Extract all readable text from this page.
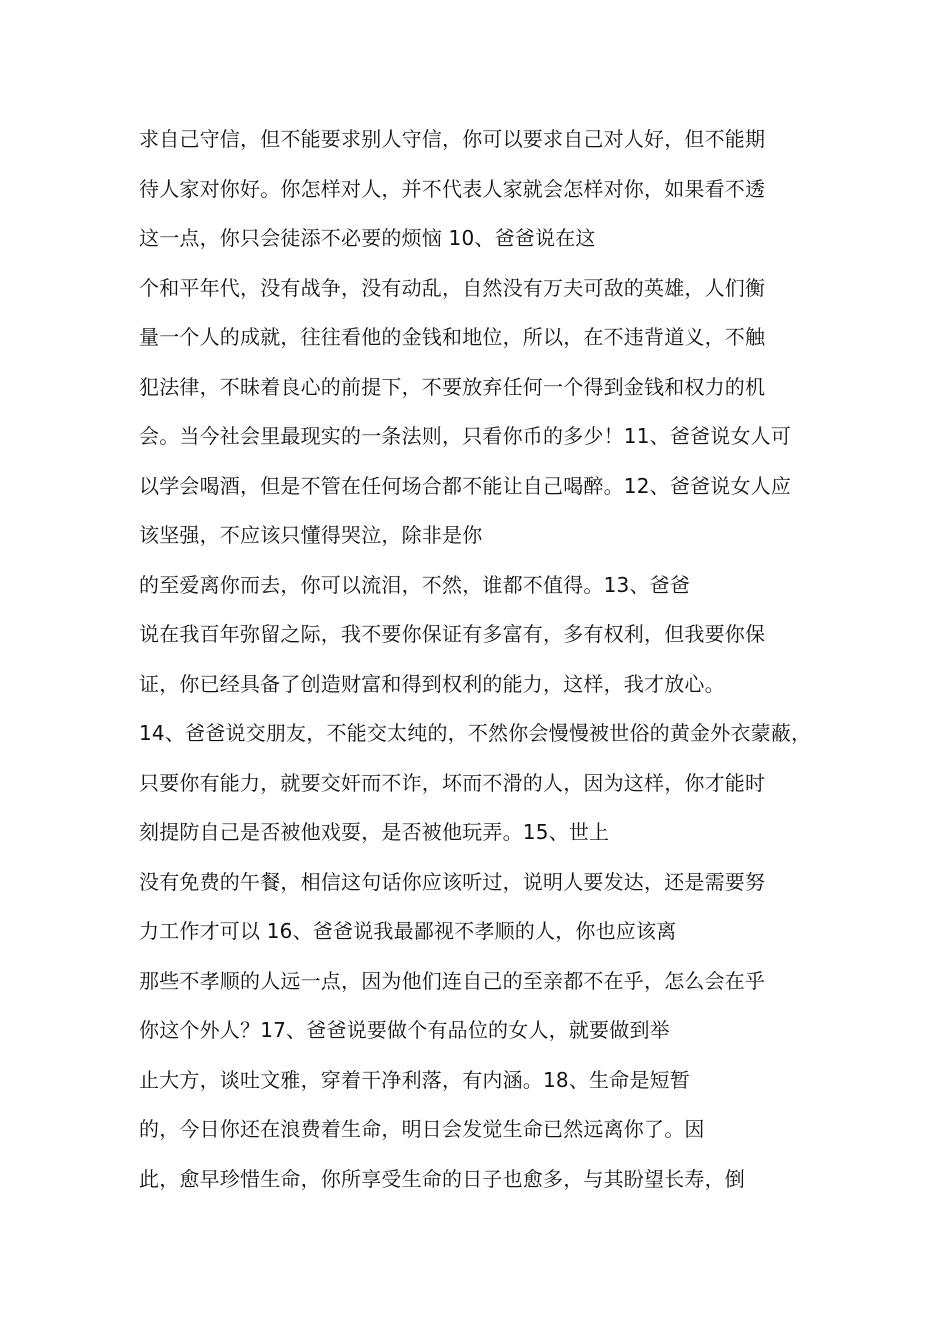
求自己守信，但不能要求别人守信，你可以要求自己对人好，但不能期
待人家对你好。你怎样对人，并不代表人家就会怎样对你，如果看不透
这一点，你只会徒添不必要的烦恼 10、爸爸说在这
个和平年代，没有战争，没有动乱，自然没有万夫可敌的英雄，人们衡
量一个人的成就，往往看他的金钱和地位，所以，在不违背道义，不触
犯法律，不昧着良心的前提下，不要放弃任何一个得到金钱和权力的机
会。当今社会里最现实的一条法则，只看你币的多少！11、爸爸说女人可
以学会喝酒，但是不管在任何场合都不能让自己喝醉。12、爸爸说女人应
该坚强，不应该只懂得哭泣，除非是你
的至爱离你而去，你可以流泪，不然，谁都不值得。13、爸爸
说在我百年弥留之际，我不要你保证有多富有，多有权利，但我要你保
证，你已经具备了创造财富和得到权利的能力，这样，我才放心。
14、爸爸说交朋友，不能交太纯的，不然你会慢慢被世俗的黄金外衣蒙蔽，
只要你有能力，就要交奸而不诈，坏而不滑的人，因为这样，你才能时
刻提防自己是否被他戏耍，是否被他玩弄。15、世上
没有免费的午餐，相信这句话你应该听过，说明人要发达，还是需要努
力工作才可以 16、爸爸说我最鄙视不孝顺的人，你也应该离
那些不孝顺的人远一点，因为他们连自己的至亲都不在乎，怎么会在乎
你这个外人？17、爸爸说要做个有品位的女人，就要做到举
止大方，谈吐文雅，穿着干净利落，有内涵。18、生命是短暂
的，今日你还在浪费着生命，明日会发觉生命已然远离你了。因
此，愈早珍惜生命，你所享受生命的日子也愈多，与其盼望长寿，倒
